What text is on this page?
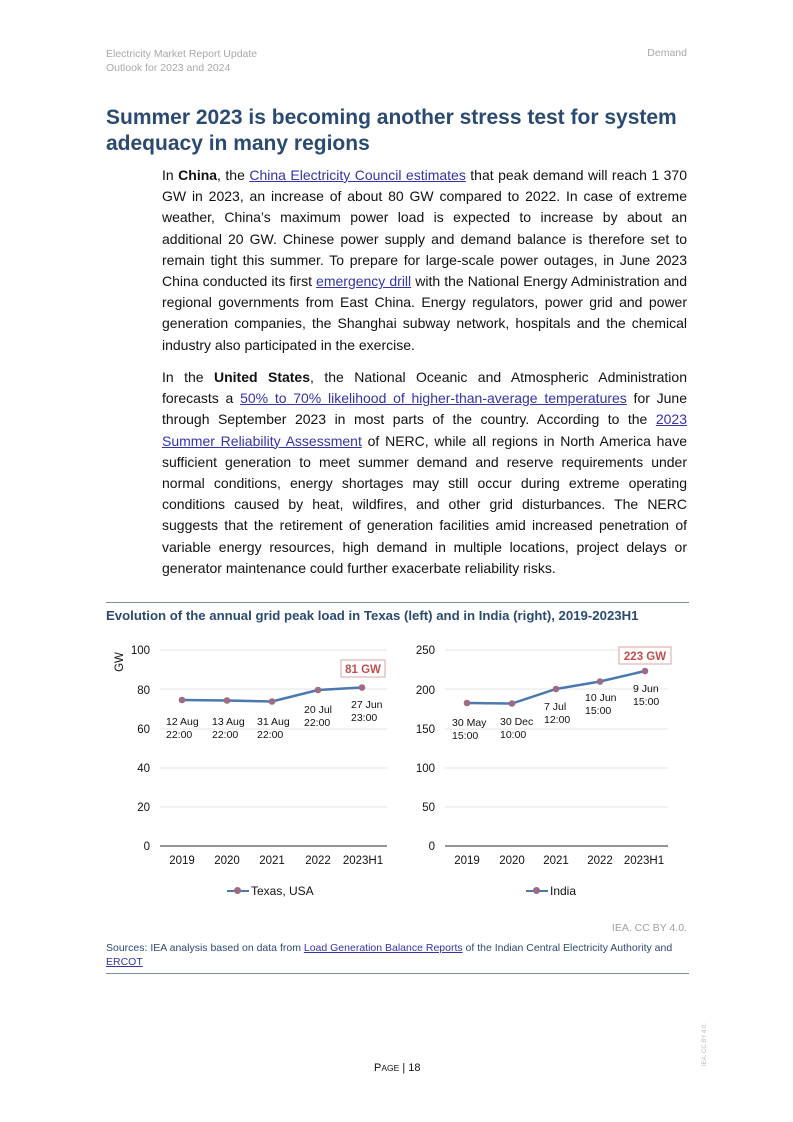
Electricity Market Report Update
Outlook for 2023 and 2024
Demand
Summer 2023 is becoming another stress test for system adequacy in many regions

In China, the China Electricity Council estimates that peak demand will reach 1 370 GW in 2023, an increase of about 80 GW compared to 2022. In case of extreme weather, China’s maximum power load is expected to increase by about an additional 20 GW. Chinese power supply and demand balance is therefore set to remain tight this summer. To prepare for large-scale power outages, in June 2023 China conducted its first emergency drill with the National Energy Administration and regional governments from East China. Energy regulators, power grid and power generation companies, the Shanghai subway network, hospitals and the chemical industry also participated in the exercise.

In the United States, the National Oceanic and Atmospheric Administration forecasts a 50% to 70% likelihood of higher-than-average temperatures for June through September 2023 in most parts of the country. According to the 2023 Summer Reliability Assessment of NERC, while all regions in North America have sufficient generation to meet summer demand and reserve requirements under normal conditions, energy shortages may still occur during extreme operating conditions caused by heat, wildfires, and other grid disturbances. The NERC suggests that the retirement of generation facilities amid increased penetration of variable energy resources, high demand in multiple locations, project delays or generator maintenance could further exacerbate reliability risks.

Evolution of the annual grid peak load in Texas (left) and in India (right), 2019-2023H1
GW
100
80
60
40
20
0
2019 2020 2021 2022 2023H1
12 Aug
22:00
13 Aug
22:00
31 Aug
22:00
20 Jul
22:00
27 Jun
23:00
81 GW
Texas, USA
250
200
150
100
50
0
2019 2020 2021 2022 2023H1
30 May
15:00
30 Dec
10:00
7 Jul
12:00
10 Jun
15:00
9 Jun
15:00
223 GW
India
IEA. CC BY 4.0.
Sources: IEA analysis based on data from Load Generation Balance Reports of the Indian Central Electricity Authority and ERCOT
PAGE | 18
IEA. CC BY 4.0.
